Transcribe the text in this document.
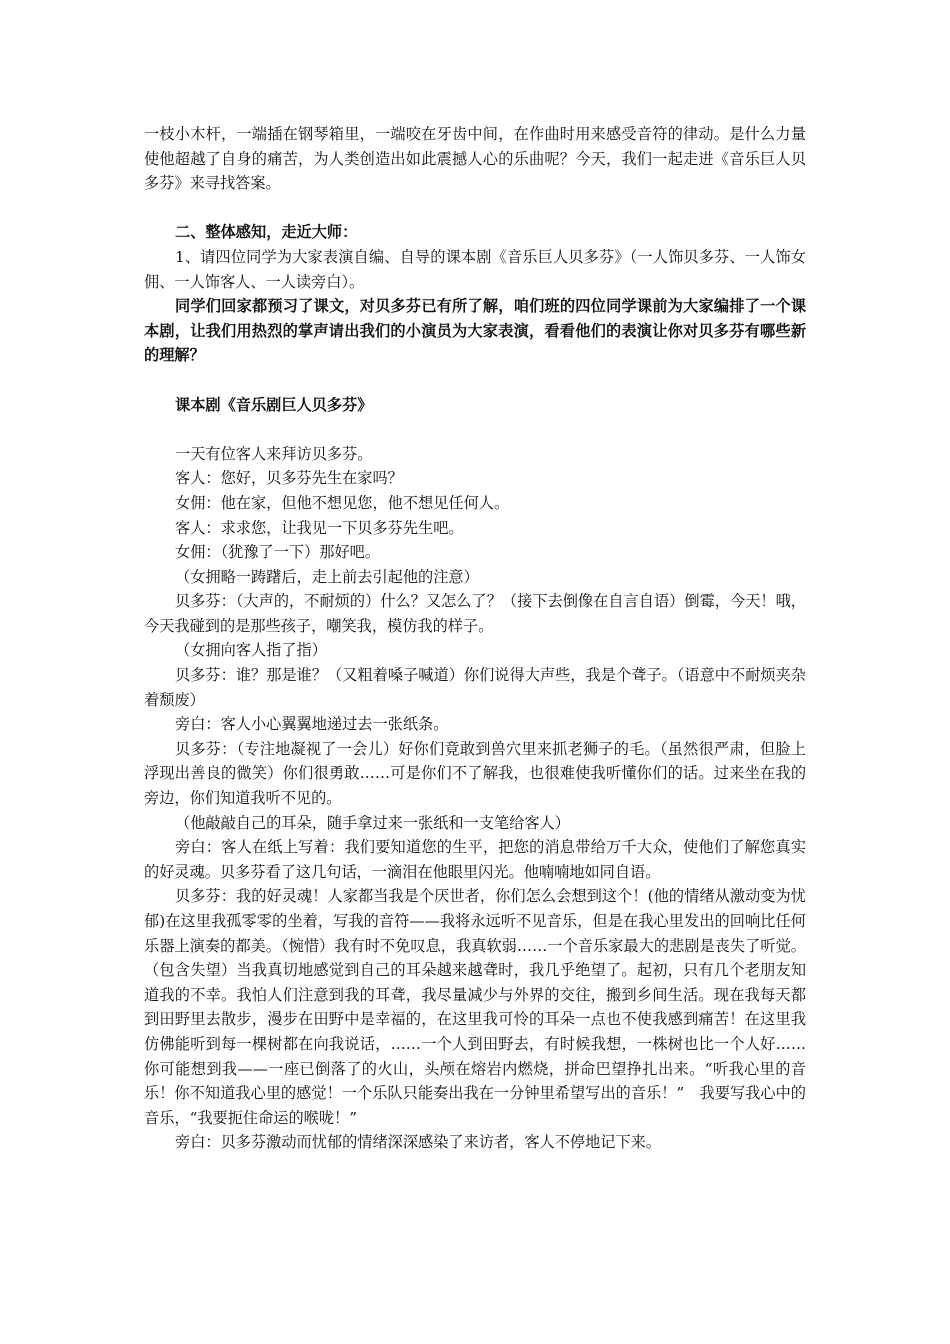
一枝小木杆，一端插在钢琴箱里，一端咬在牙齿中间，在作曲时用来感受音符的律动。是什么力量使他超越了自身的痛苦，为人类创造出如此震撼人心的乐曲呢？今天，我们一起走进《音乐巨人贝多芬》来寻找答案。

二、整体感知，走近大师：

1、请四位同学为大家表演自编、自导的课本剧《音乐巨人贝多芬》（一人饰贝多芬、一人饰女佣、一人饰客人、一人读旁白）。

同学们回家都预习了课文，对贝多芬已有所了解，咱们班的四位同学课前为大家编排了一个课本剧，让我们用热烈的掌声请出我们的小演员为大家表演，看看他们的表演让你对贝多芬有哪些新的理解？

课本剧《音乐剧巨人贝多芬》

一天有位客人来拜访贝多芬。

客人：您好，贝多芬先生在家吗？

女佣：他在家，但他不想见您，他不想见任何人。

客人：求求您，让我见一下贝多芬先生吧。

女佣：（犹豫了一下）那好吧。

（女拥略一踌躇后，走上前去引起他的注意）

贝多芬：（大声的，不耐烦的）什么？又怎么了？（接下去倒像在自言自语）倒霉，今天！哦，今天我碰到的是那些孩子，嘲笑我，模仿我的样子。

（女拥向客人指了指）

贝多芬：谁？那是谁？（又粗着嗓子喊道）你们说得大声些，我是个聋子。（语意中不耐烦夹杂着颓废）

旁白：客人小心翼翼地递过去一张纸条。

贝多芬：（专注地凝视了一会儿）好你们竟敢到兽穴里来抓老狮子的毛。（虽然很严肃，但脸上浮现出善良的微笑）你们很勇敢……可是你们不了解我，也很难使我听懂你们的话。过来坐在我的旁边，你们知道我听不见的。

（他敲敲自己的耳朵，随手拿过来一张纸和一支笔给客人）

旁白：客人在纸上写着：我们要知道您的生平，把您的消息带给万千大众，使他们了解您真实的好灵魂。贝多芬看了这几句话，一滴泪在他眼里闪光。他喃喃地如同自语。

贝多芬：我的好灵魂！人家都当我是个厌世者，你们怎么会想到这个！(他的情绪从激动变为忧郁)在这里我孤零零的坐着，写我的音符——我将永远听不见音乐，但是在我心里发出的回响比任何乐器上演奏的都美。（惋惜）我有时不免叹息，我真软弱……一个音乐家最大的悲剧是丧失了听觉。（包含失望）当我真切地感觉到自己的耳朵越来越聋时，我几乎绝望了。起初，只有几个老朋友知道我的不幸。我怕人们注意到我的耳聋，我尽量减少与外界的交往，搬到乡间生活。现在我每天都到田野里去散步，漫步在田野中是幸福的，在这里我可怜的耳朵一点也不使我感到痛苦！在这里我仿佛能听到每一棵树都在向我说话，……一个人到田野去，有时候我想，一株树也比一个人好……你可能想到我——一座已倒落了的火山，头颅在熔岩内燃烧，拼命巴望挣扎出来。“听我心里的音乐！你不知道我心里的感觉！一个乐队只能奏出我在一分钟里希望写出的音乐！”　我要写我心中的音乐，“我要扼住命运的喉咙！”

旁白：贝多芬激动而忧郁的情绪深深感染了来访者，客人不停地记下来。
